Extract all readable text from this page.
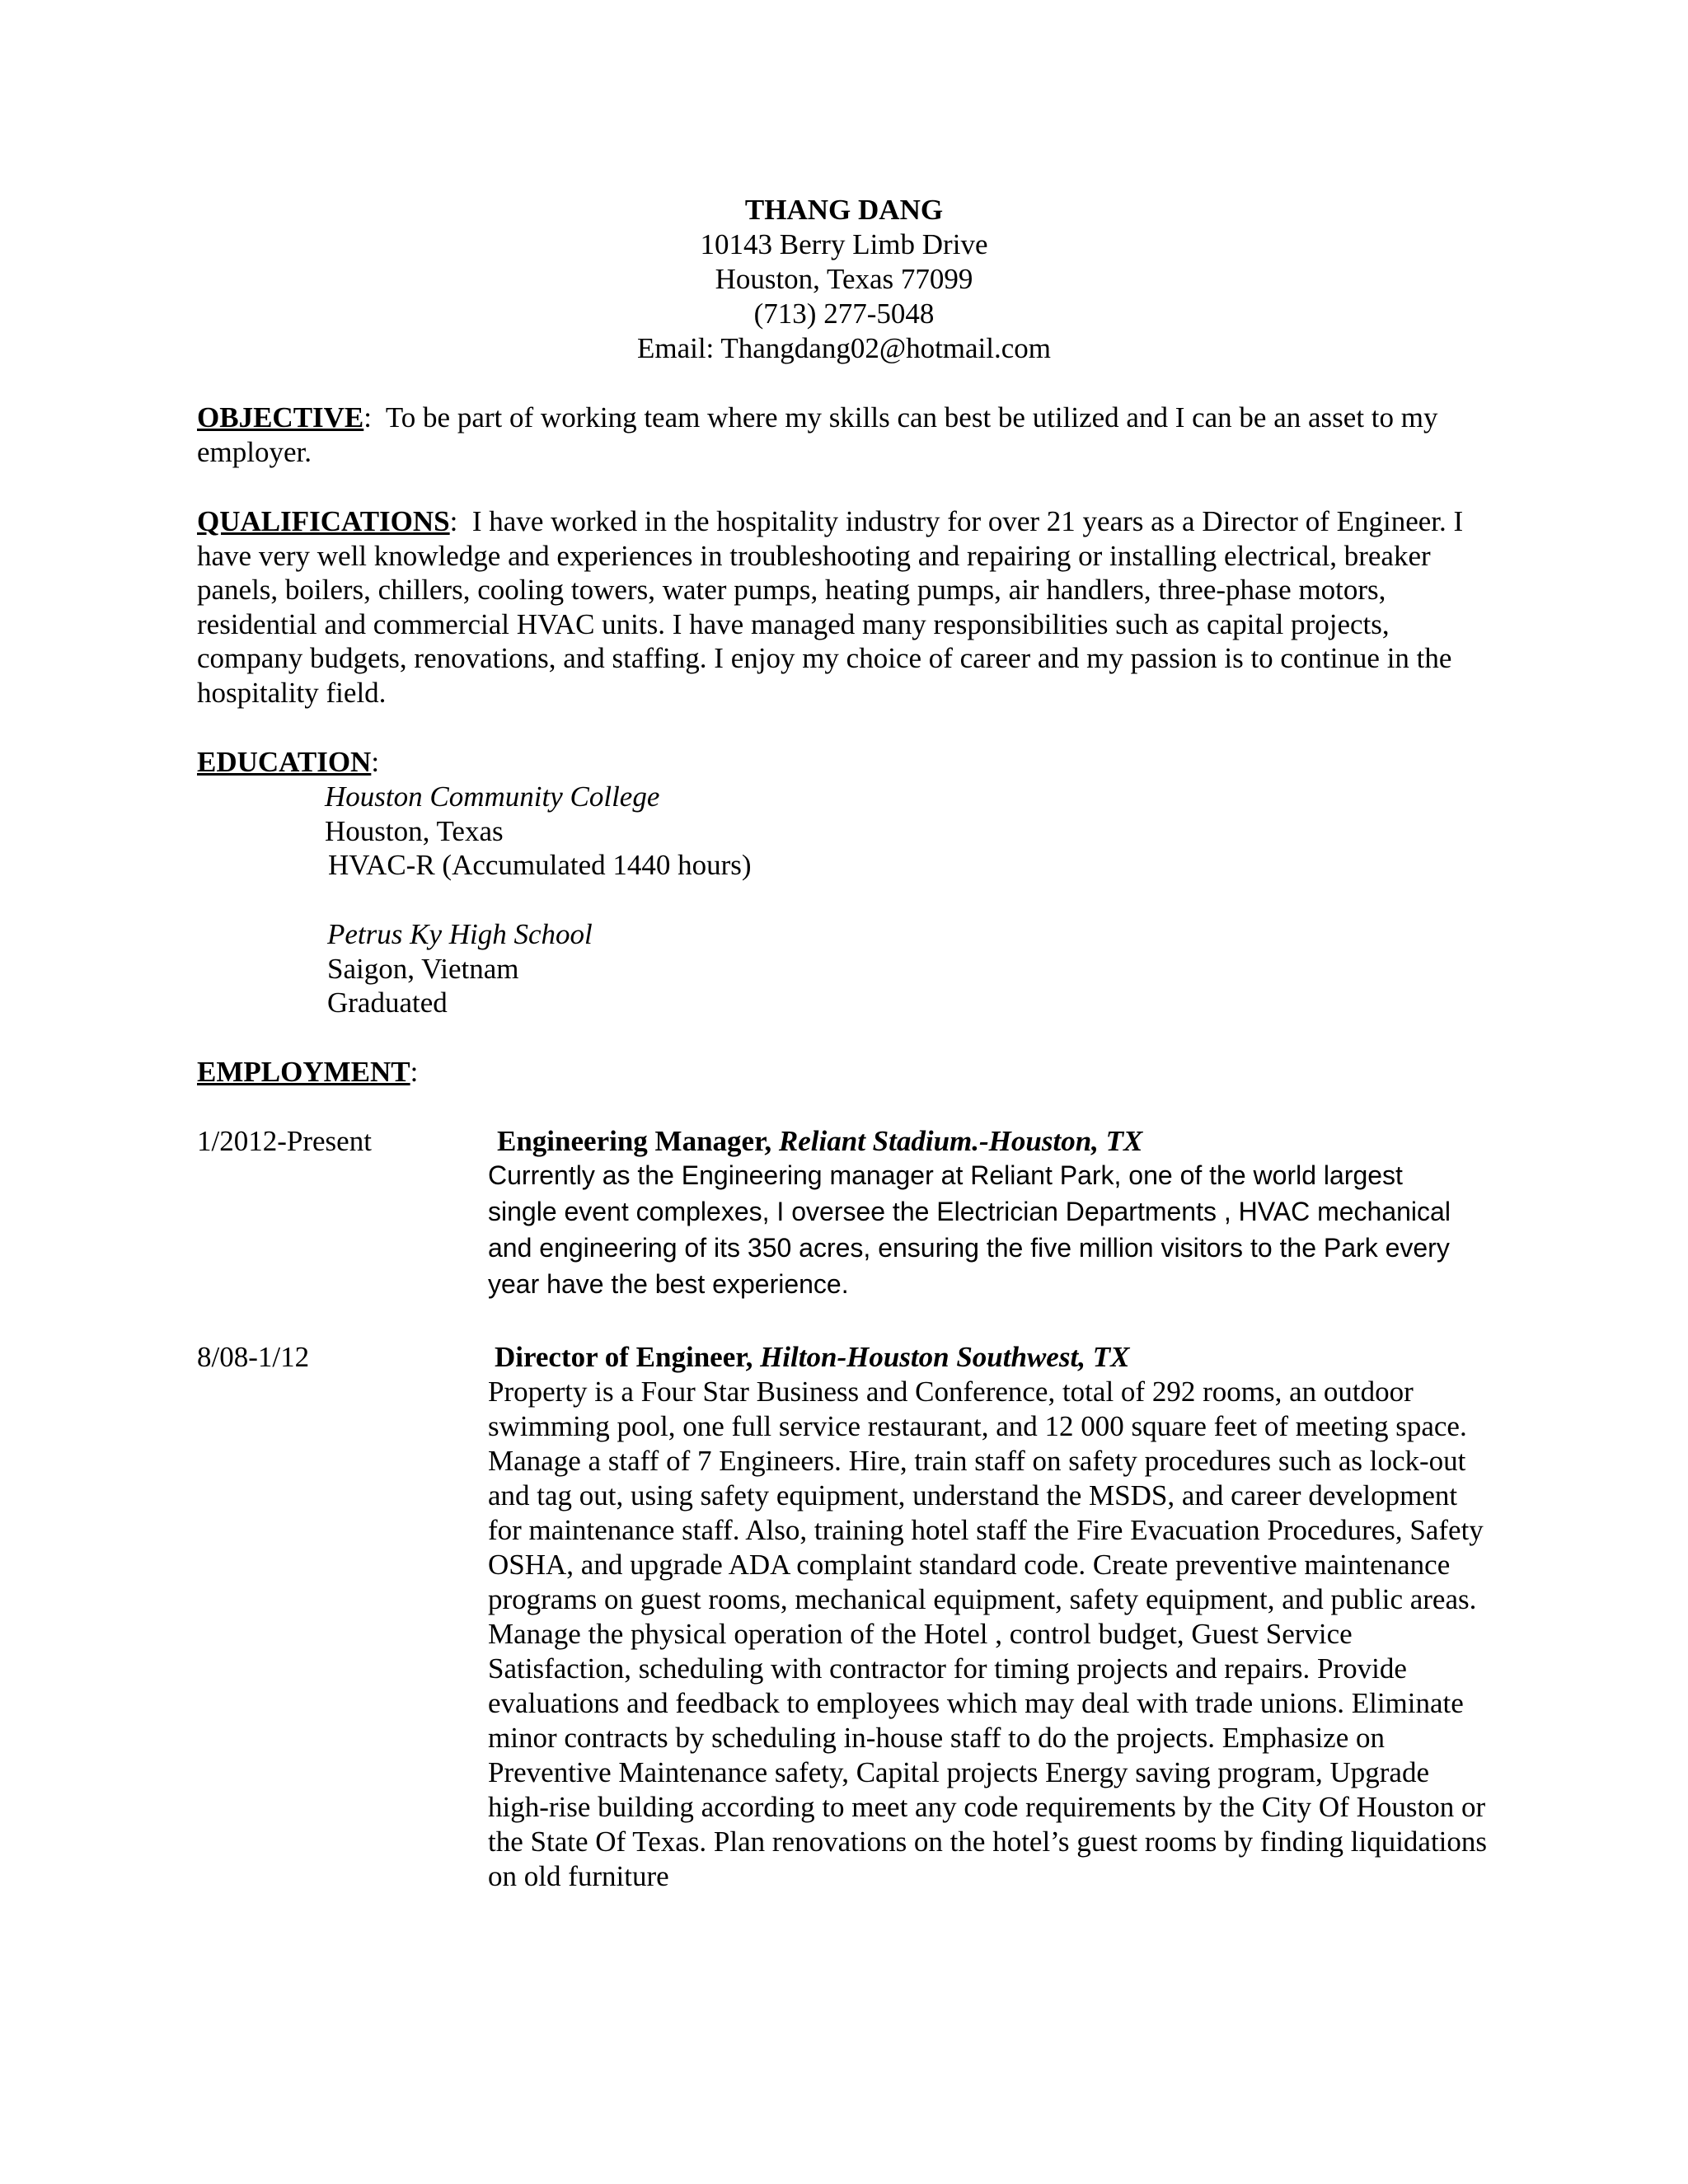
THANG DANG
10143 Berry Limb Drive
Houston, Texas 77099
(713) 277-5048
Email: Thangdang02@hotmail.com
OBJECTIVE:  To be part of working team where my skills can best be utilized and I can be an asset to my employer.
QUALIFICATIONS:  I have worked in the hospitality industry for over 21 years as a Director of Engineer. I have very well knowledge and experiences in troubleshooting and repairing or installing electrical, breaker panels, boilers, chillers, cooling towers, water pumps, heating pumps, air handlers, three-phase motors, residential and commercial HVAC units. I have managed many responsibilities such as capital projects, company budgets, renovations, and staffing. I enjoy my choice of career and my passion is to continue in the hospitality field.
EDUCATION:
Houston Community College
Houston, Texas
HVAC-R (Accumulated 1440 hours)
Petrus Ky High School
Saigon, Vietnam
Graduated
EMPLOYMENT:
1/2012-Present	Engineering Manager, Reliant Stadium.-Houston, TX
Currently as the Engineering manager at Reliant Park, one of the world largest single event complexes, I oversee the Electrician Departments , HVAC mechanical and engineering of its 350 acres, ensuring the five million visitors to the Park every year have the best experience.
8/08-1/12	Director of Engineer, Hilton-Houston Southwest, TX
Property is a Four Star Business and Conference, total of 292 rooms, an outdoor swimming pool, one full service restaurant, and 12 000 square feet of meeting space. Manage a staff of 7 Engineers. Hire, train staff on safety procedures such as lock-out and tag out, using safety equipment, understand the MSDS, and career development for maintenance staff. Also, training hotel staff the Fire Evacuation Procedures, Safety OSHA, and upgrade ADA complaint standard code. Create preventive maintenance programs on guest rooms, mechanical equipment, safety equipment, and public areas. Manage the physical operation of the Hotel , control budget, Guest Service Satisfaction, scheduling with contractor for timing projects and repairs. Provide evaluations and feedback to employees which may deal with trade unions. Eliminate minor contracts by scheduling in-house staff to do the projects. Emphasize on Preventive Maintenance safety, Capital projects Energy saving program, Upgrade high-rise building according to meet any code requirements by the City Of Houston or the State Of Texas. Plan renovations on the hotel’s guest rooms by finding liquidations on old furniture
